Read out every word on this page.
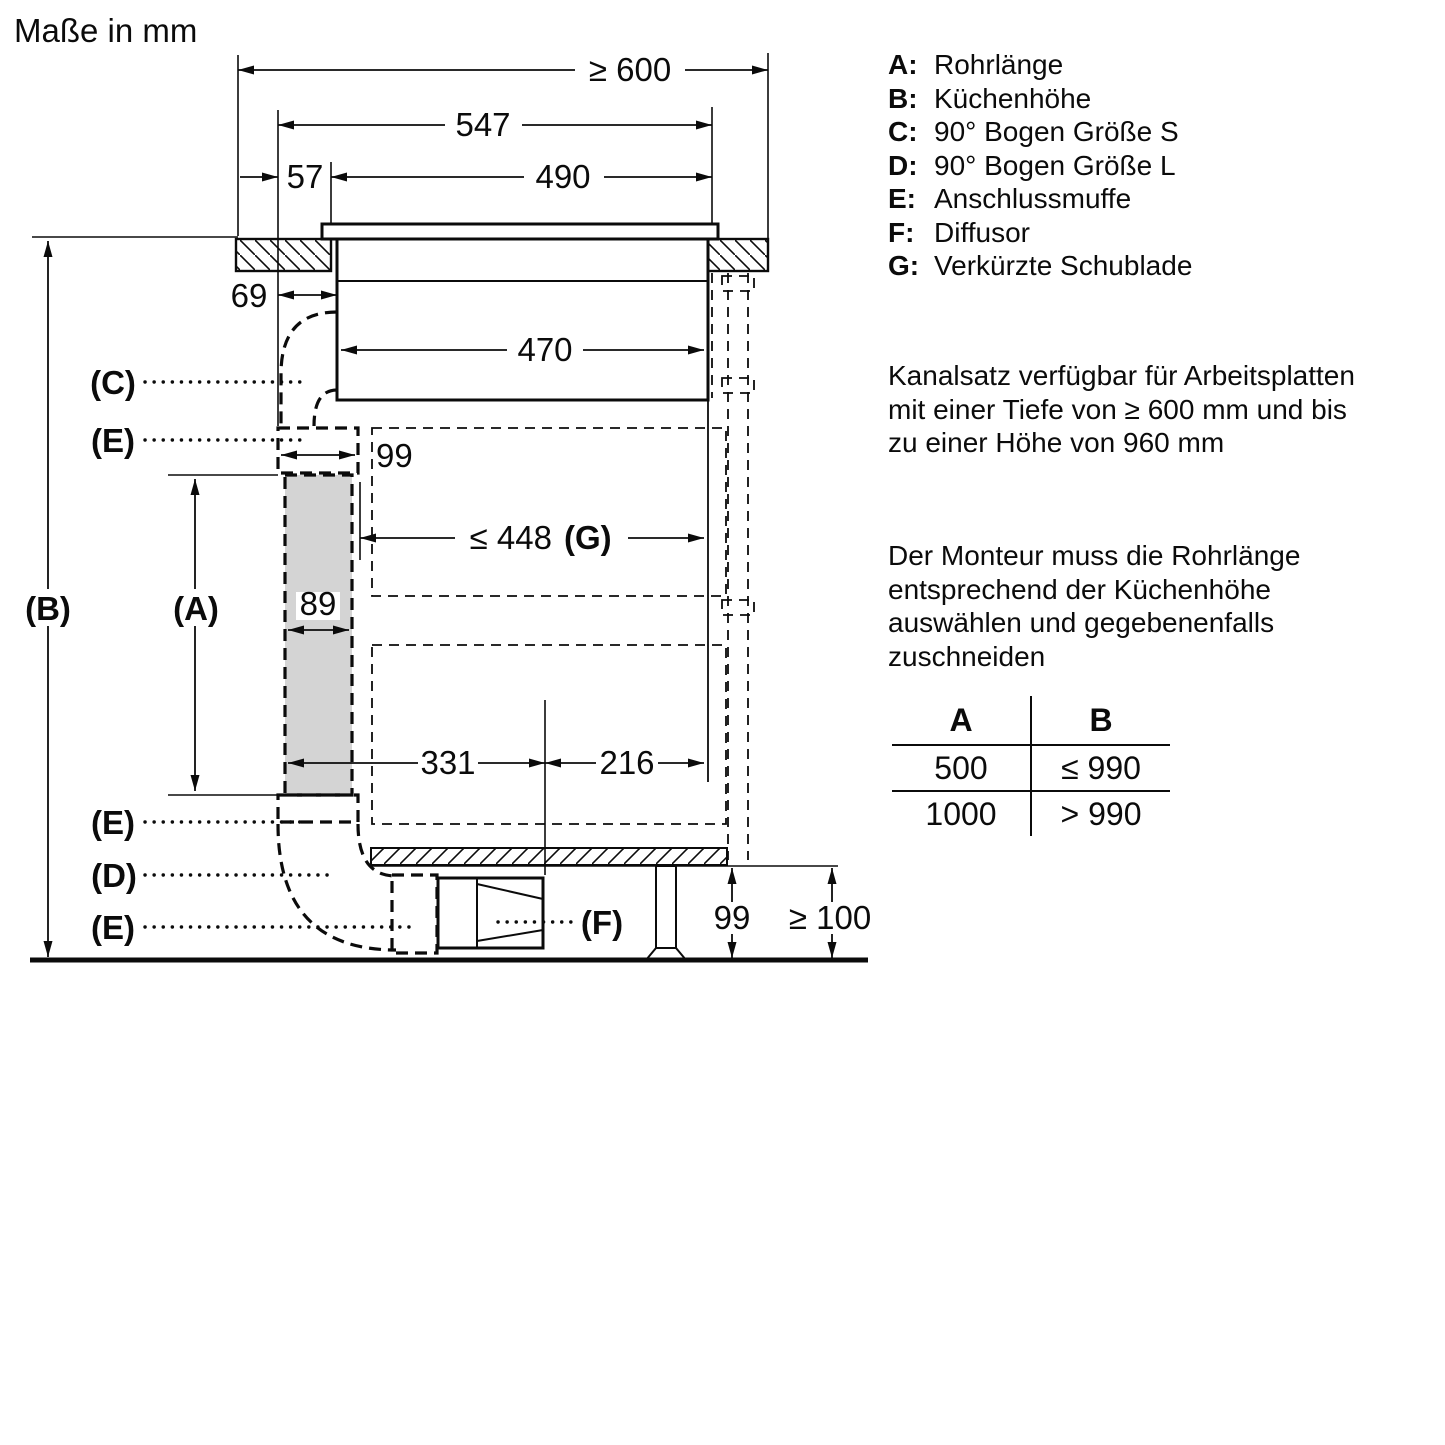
Maße in mm
≥ 600
547
57	490
69
470
99
89
≤ 448 (G)
331	216
99 ≥ 100
(C)
(E)
(B)	(A)
(E)
(D)
(E)	(F)
A: Rohrlänge
B: Küchenhöhe
C: 90° Bogen Größe S
D: 90° Bogen Größe L
E: Anschlussmuffe
F: Diffusor
G: Verkürzte Schublade
Kanalsatz verfügbar für Arbeitsplatten mit einer Tiefe von ≥ 600 mm und bis zu einer Höhe von 960 mm
Der Monteur muss die Rohrlänge entsprechend der Küchenhöhe auswählen und gegebenenfalls zuschneiden
A	B
500	≤ 990
1000	> 990
